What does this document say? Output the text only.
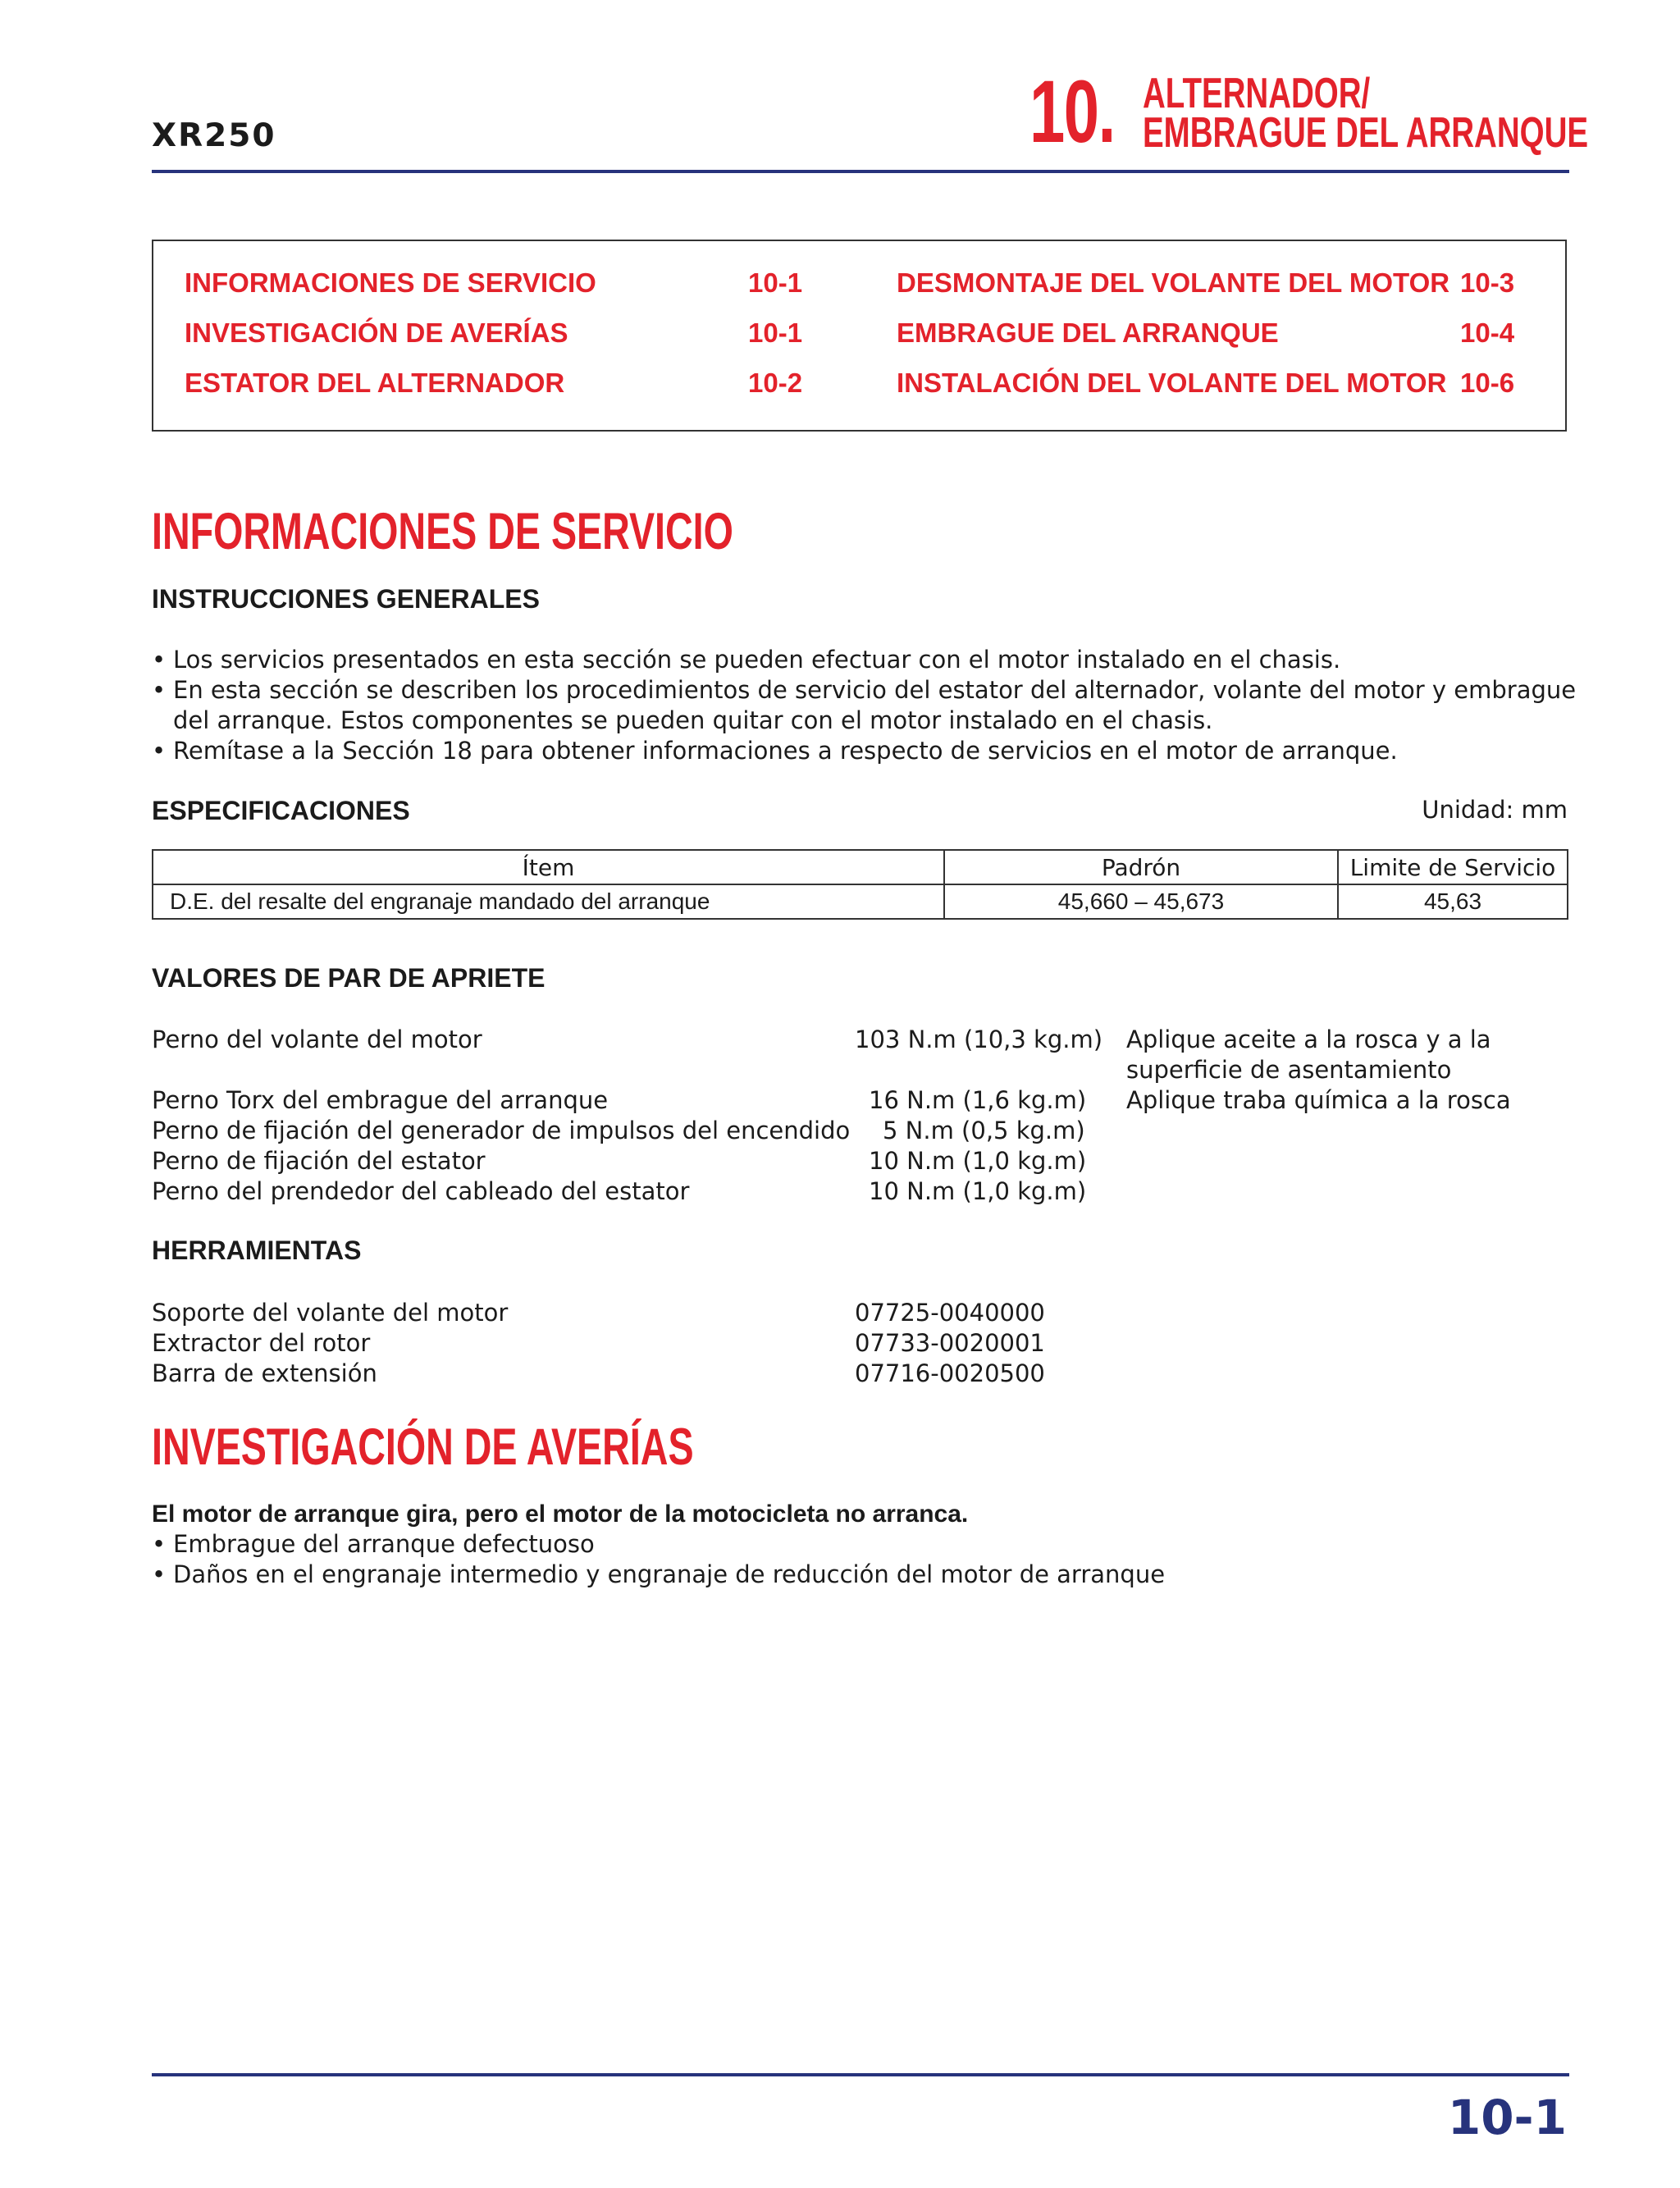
XR250	10. ALTERNADOR/
EMBRAGUE DEL ARRANQUE
INFORMACIONES DE SERVICIO	10-1
INVESTIGACIÓN DE AVERÍAS	10-1
ESTATOR DEL ALTERNADOR	10-2
DESMONTAJE DEL VOLANTE DEL MOTOR 10-3
EMBRAGUE DEL ARRANQUE	10-4
INSTALACIÓN DEL VOLANTE DEL MOTOR 10-6
INFORMACIONES DE SERVICIO
INSTRUCCIONES GENERALES
• Los servicios presentados en esta sección se pueden efectuar con el motor instalado en el chasis.
• En esta sección se describen los procedimientos de servicio del estator del alternador, volante del motor y embrague
del arranque. Estos componentes se pueden quitar con el motor instalado en el chasis.
• Remítase a la Sección 18 para obtener informaciones a respecto de servicios en el motor de arranque.
ESPECIFICACIONES	Unidad: mm
Ítem	Padrón	Limite de Servicio
D.E. del resalte del engranaje mandado del arranque	45,660 – 45,673	45,63
VALORES DE PAR DE APRIETE
Perno del volante del motor	103 N.m (10,3 kg.m) Aplique aceite a la rosca y a la
superficie de asentamiento
Perno Torx del embrague del arranque	16 N.m (1,6 kg.m) Aplique traba química a la rosca
Perno de fijación del generador de impulsos del encendido 5 N.m (0,5 kg.m)
Perno de fijación del estator	10 N.m (1,0 kg.m)
Perno del prendedor del cableado del estator	10 N.m (1,0 kg.m)
HERRAMIENTAS
Soporte del volante del motor	07725-0040000
Extractor del rotor	07733-0020001
Barra de extensión	07716-0020500
INVESTIGACIÓN DE AVERÍAS
El motor de arranque gira, pero el motor de la motocicleta no arranca.
• Embrague del arranque defectuoso
• Daños en el engranaje intermedio y engranaje de reducción del motor de arranque
10-1
